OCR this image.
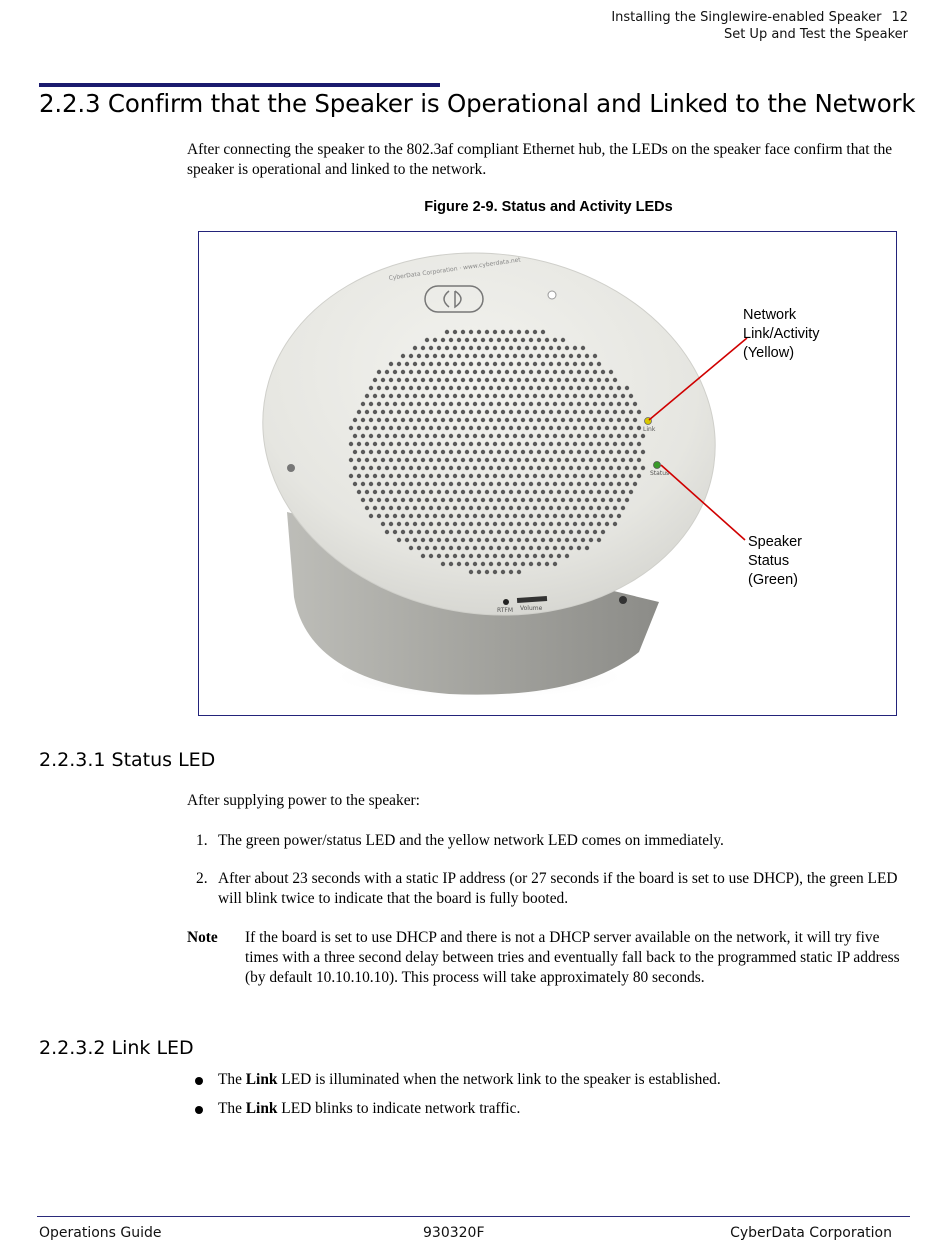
Installing the Singlewire-enabled Speaker 12
Set Up and Test the Speaker
2.2.3 Confirm that the Speaker is Operational and Linked to the Network
After connecting the speaker to the 802.3af compliant Ethernet hub, the LEDs on the speaker face confirm that the speaker is operational and linked to the network.
Figure 2-9. Status and Activity LEDs
CyberData Corporation · www.cyberdata.net
Link
Status
RTFM Volume
Network
Link/Activity
(Yellow)
Speaker
Status
(Green)
2.2.3.1 Status LED
After supplying power to the speaker:
1. The green power/status LED and the yellow network LED comes on immediately.
2. After about 23 seconds with a static IP address (or 27 seconds if the board is set to use DHCP), the green LED will blink twice to indicate that the board is fully booted.
Note If the board is set to use DHCP and there is not a DHCP server available on the network, it will try five times with a three second delay between tries and eventually fall back to the programmed static IP address (by default 10.10.10.10). This process will take approximately 80 seconds.
2.2.3.2 Link LED
The Link LED is illuminated when the network link to the speaker is established.
The Link LED blinks to indicate network traffic.
Operations Guide	930320F	CyberData Corporation
